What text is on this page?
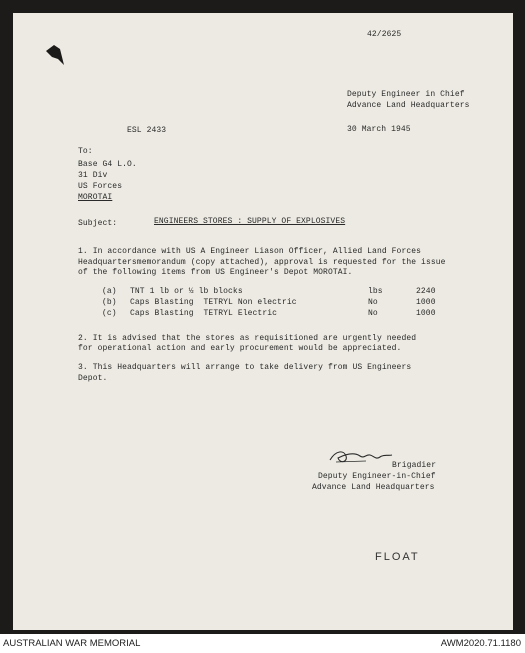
42/2625
Deputy Engineer in Chief
Advance Land Headquarters
ESL 2433	30 March 1945
To:
Base G4 L.O.
31 Div
US Forces
MOROTAI
Subject:	ENGINEERS STORES : SUPPLY OF EXPLOSIVES
1. In accordance with US A Engineer Liason Officer, Allied Land Forces
Headquartersmemorandum (copy attached), approval is requested for the issue
of the following items from US Engineer's Depot MOROTAI.
(a) TNT 1 lb or ½ lb blocks	lbs	2240
(b) Caps Blasting  TETRYL Non electric	No	1000
(c) Caps Blasting  TETRYL Electric	No	1000
2. It is advised that the stores as requisitioned are urgently needed
for operational action and early procurement would be appreciated.
3. This Headquarters will arrange to take delivery from US Engineers
Depot.
Brigadier
Deputy Engineer-in-Chief
Advance Land Headquarters
FLOAT
AUSTRALIAN WAR MEMORIAL	AWM2020.71.1180
